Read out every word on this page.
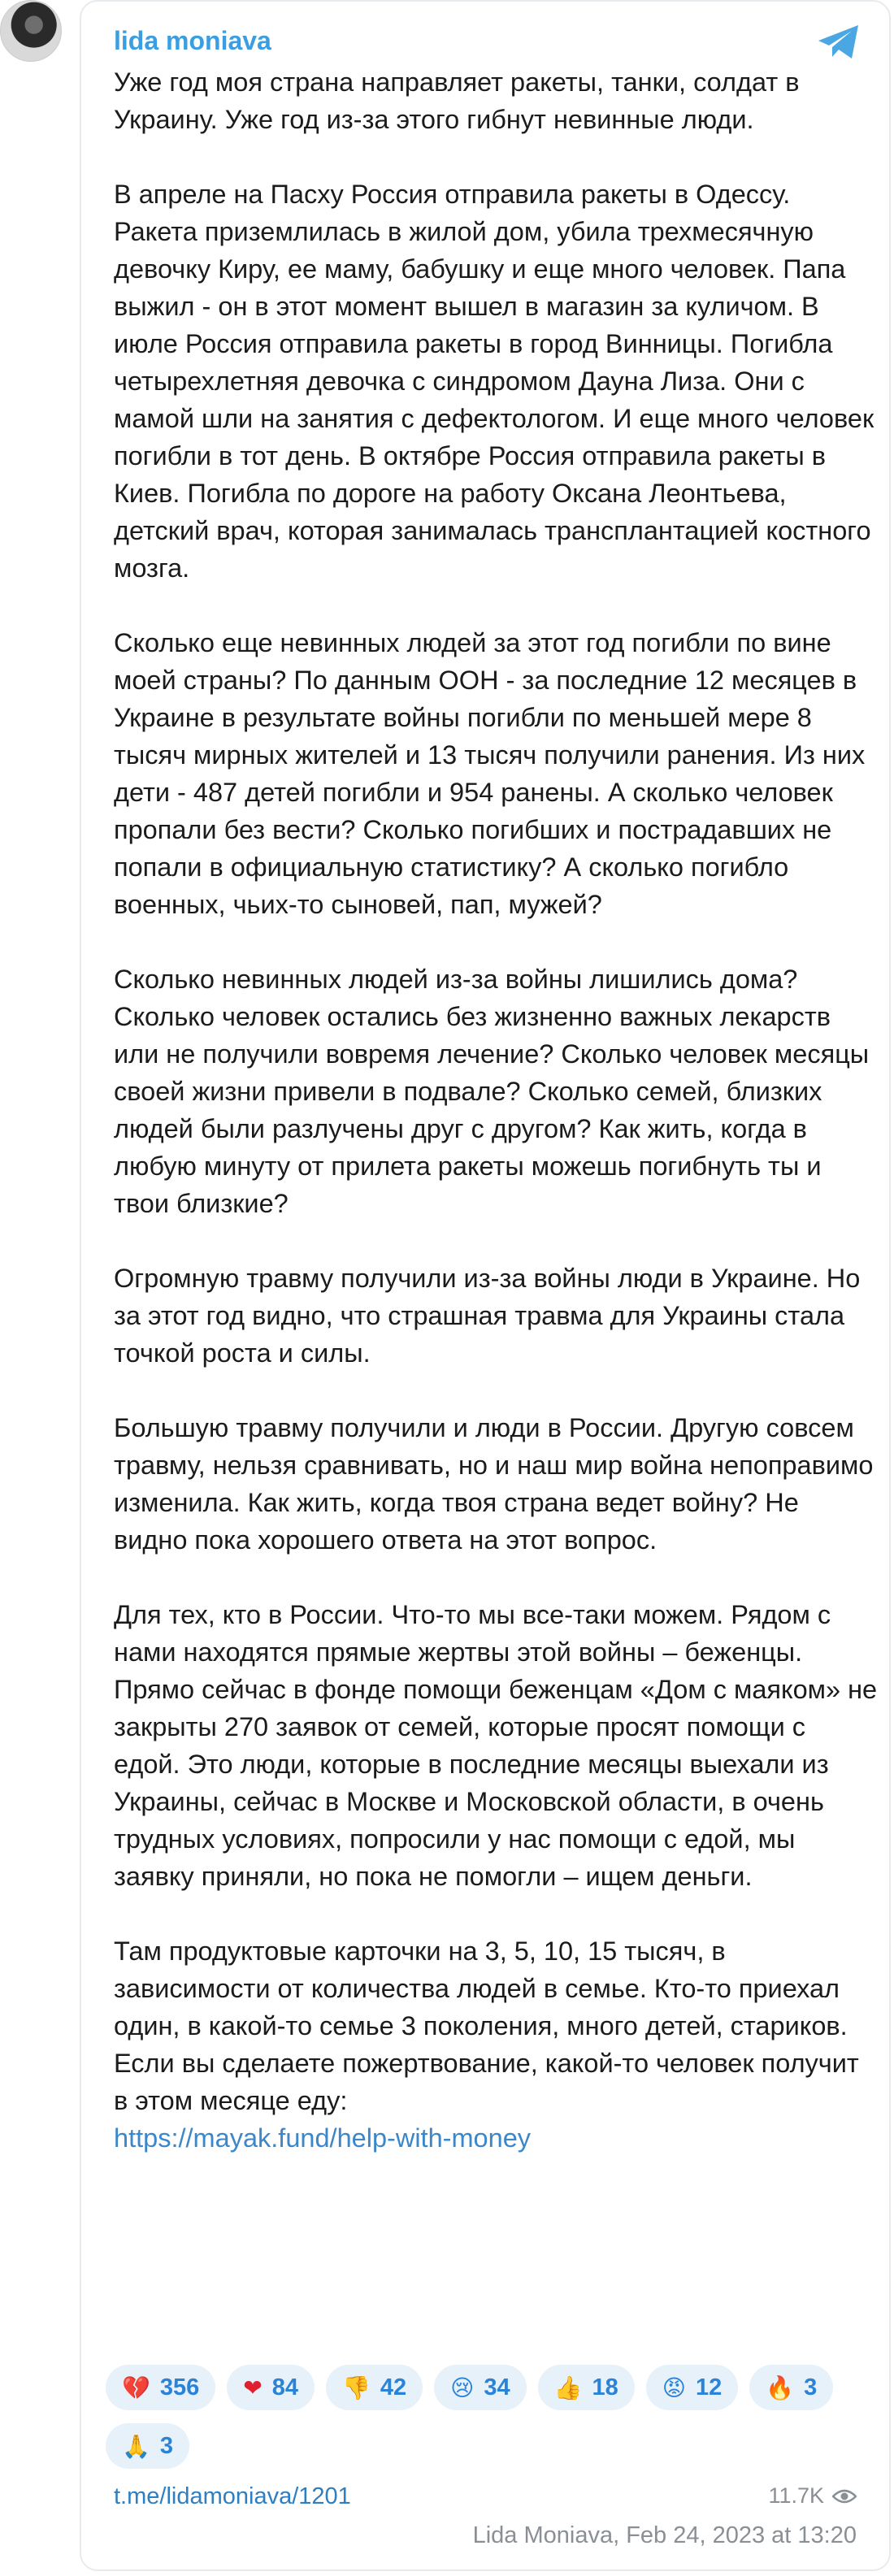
lida moniava

Уже год моя страна направляет ракеты, танки, солдат в Украину. Уже год из-за этого гибнут невинные люди.

В апреле на Пасху Россия отправила ракеты в Одессу. Ракета приземлилась в жилой дом, убила трехмесячную девочку Киру, ее маму, бабушку и еще много человек. Папа выжил - он в этот момент вышел в магазин за куличом. В июле Россия отправила ракеты в город Винницы. Погибла четырехлетняя девочка с синдромом Дауна Лиза. Они с мамой шли на занятия с дефектологом. И еще много человек погибли в тот день. В октябре Россия отправила ракеты в Киев. Погибла по дороге на работу Оксана Леонтьева, детский врач, которая занималась трансплантацией костного мозга.

Сколько еще невинных людей за этот год погибли по вине моей страны? По данным ООН - за последние 12 месяцев в Украине в результате войны погибли по меньшей мере 8 тысяч мирных жителей и 13 тысяч получили ранения. Из них дети - 487 детей погибли и 954 ранены. А сколько человек пропали без вести? Сколько погибших и пострадавших не попали в официальную статистику? А сколько погибло военных, чьих-то сыновей, пап, мужей?

Сколько невинных людей из-за войны лишились дома? Сколько человек остались без жизненно важных лекарств или не получили вовремя лечение? Сколько человек месяцы своей жизни привели в подвале? Сколько семей, близких людей были разлучены друг с другом? Как жить, когда в любую минуту от прилета ракеты можешь погибнуть ты и твои близкие?

Огромную травму получили из-за войны люди в Украине. Но за этот год видно, что страшная травма для Украины стала точкой роста и силы.

Большую травму получили и люди в России. Другую совсем травму, нельзя сравнивать, но и наш мир война непоправимо изменила. Как жить, когда твоя страна ведет войну? Не видно пока хорошего ответа на этот вопрос.

Для тех, кто в России. Что-то мы все-таки можем. Рядом с нами находятся прямые жертвы этой войны – беженцы. Прямо сейчас в фонде помощи беженцам «Дом с маяком» не закрыты 270 заявок от семей, которые просят помощи с едой. Это люди, которые в последние месяцы выехали из Украины, сейчас в Москве и Московской области, в очень трудных условиях, попросили у нас помощи с едой, мы заявку приняли, но пока не помогли – ищем деньги.

Там продуктовые карточки на 3, 5, 10, 15 тысяч, в зависимости от количества людей в семье. Кто-то приехал один, в какой-то семье 3 поколения, много детей, стариков. Если вы сделаете пожертвование, какой-то человек получит в этом месяце еду:
https://mayak.fund/help-with-money

💔 356 ❤ 84 👎 42 😢 34 👍 18 😡 12 🔥 3
🙏 3
t.me/lidamoniava/1201	11.7K
Lida Moniava, Feb 24, 2023 at 13:20
